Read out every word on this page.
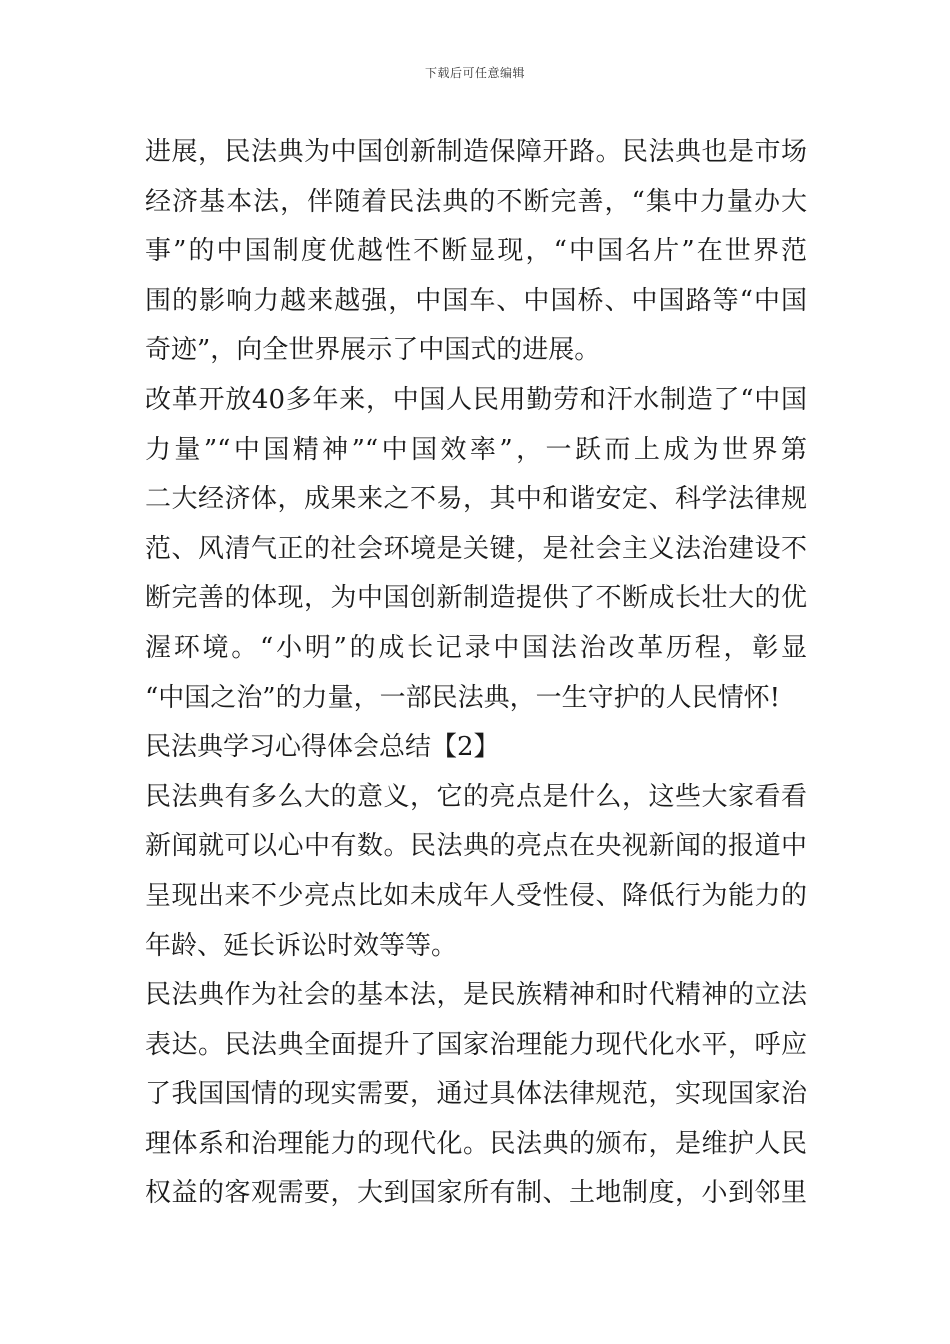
下载后可任意编辑
进展，民法典为中国创新制造保障开路。民法典也是市场
经济基本法，伴随着民法典的不断完善，“集中力量办大
事”的中国制度优越性不断显现，“中国名片”在世界范
围的影响力越来越强，中国车、中国桥、中国路等“中国
奇迹”，向全世界展示了中国式的进展。
改革开放40多年来，中国人民用勤劳和汗水制造了“中国
力量”“中国精神”“中国效率”，一跃而上成为世界第
二大经济体，成果来之不易，其中和谐安定、科学法律规
范、风清气正的社会环境是关键，是社会主义法治建设不
断完善的体现，为中国创新制造提供了不断成长壮大的优
渥环境。“小明”的成长记录中国法治改革历程，彰显
“中国之治”的力量，一部民法典，一生守护的人民情怀!
民法典学习心得体会总结【2】
民法典有多么大的意义，它的亮点是什么，这些大家看看
新闻就可以心中有数。民法典的亮点在央视新闻的报道中
呈现出来不少亮点比如未成年人受性侵、降低行为能力的
年龄、延长诉讼时效等等。
民法典作为社会的基本法，是民族精神和时代精神的立法
表达。民法典全面提升了国家治理能力现代化水平，呼应
了我国国情的现实需要，通过具体法律规范，实现国家治
理体系和治理能力的现代化。民法典的颁布，是维护人民
权益的客观需要，大到国家所有制、土地制度，小到邻里
